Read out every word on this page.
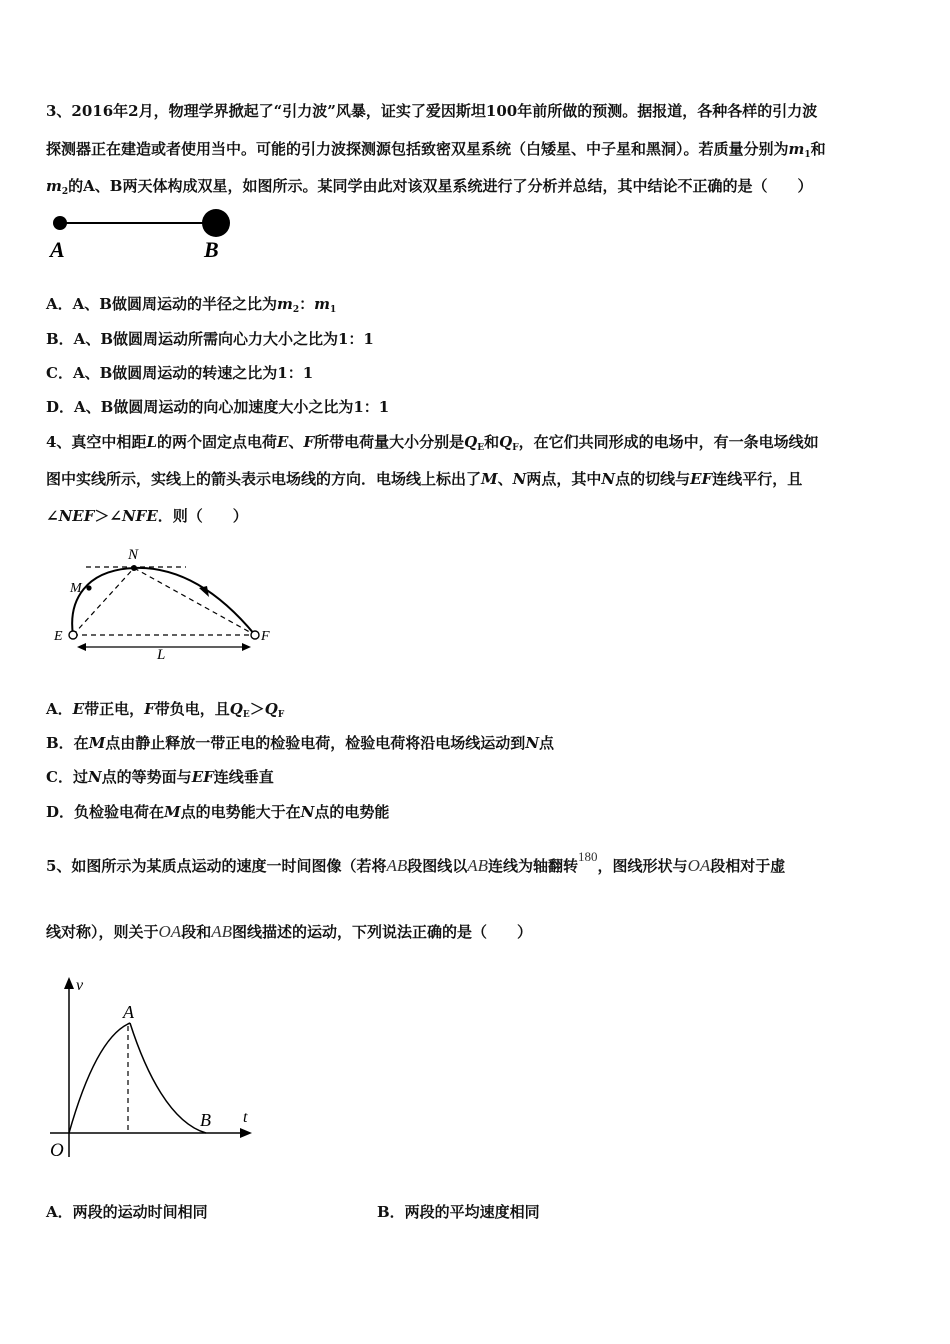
3、2016年2月，物理学界掀起了“引力波”风暴，证实了爱因斯坦100年前所做的预测。据报道，各种各样的引力波
探测器正在建造或者使用当中。可能的引力波探测源包括致密双星系统（白矮星、中子星和黑洞）。若质量分别为$m_1$和
$m_2$的A、B两天体构成双星，如图所示。某同学由此对该双星系统进行了分析并总结，其中结论不正确的是（　　）
A	B
A．A、B做圆周运动的半径之比为$m_2$：$m_1$
B．A、B做圆周运动所需向心力大小之比为1：1
C．A、B做圆周运动的转速之比为1：1
D．A、B做圆周运动的向心加速度大小之比为1：1
4、真空中相距L的两个固定点电荷E、F所带电荷量大小分别是$Q_E$和$Q_F$，在它们共同形成的电场中，有一条电场线如
图中实线所示，实线上的箭头表示电场线的方向．电场线上标出了M、N两点，其中N点的切线与EF连线平行，且
∠NEF＞∠NFE．则（　　）
N
M
E	F
L
A．E带正电，F带负电，且$Q_E>Q_F$
B．在M点由静止释放一带正电的检验电荷，检验电荷将沿电场线运动到N点
C．过N点的等势面与EF连线垂直
D．负检验电荷在M点的电势能大于在N点的电势能
5、如图所示为某质点运动的速度一时间图像（若将AB段图线以AB连线为轴翻转180，图线形状与OA段相对于虚
线对称），则关于OA段和AB图线描述的运动，下列说法正确的是（　　）
v
A
t
O
B
A．两段的运动时间相同	B．两段的平均速度相同
